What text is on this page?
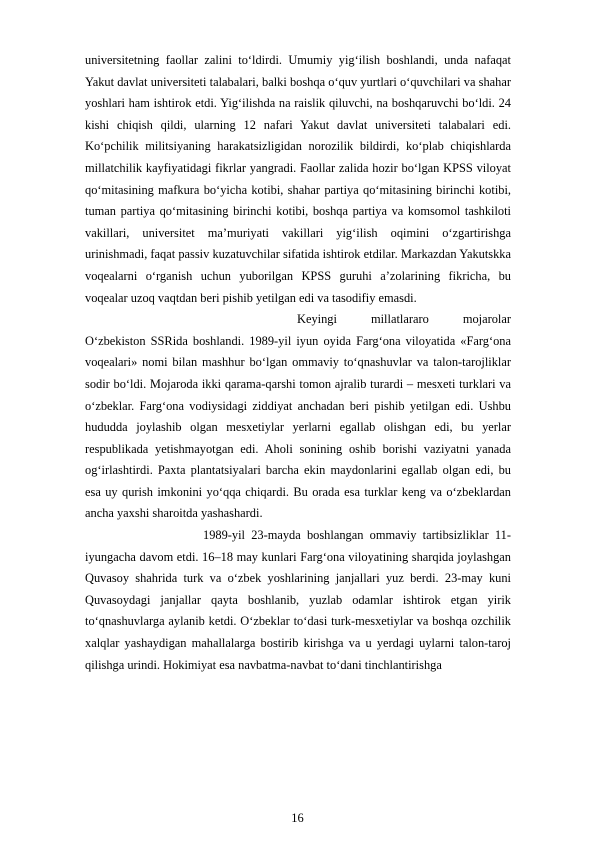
universitetning faollar zalini to‘ldirdi. Umumiy yig‘ilish boshlandi, unda nafaqat Yakut davlat universiteti talabalari, balki boshqa o‘quv yurtlari o‘quvchilari va shahar yoshlari ham ishtirok etdi. Yig‘ilishda na raislik qiluvchi, na boshqaruvchi bo‘ldi. 24 kishi chiqish qildi, ularning 12 nafari Yakut davlat universiteti talabalari edi. Ko‘pchilik militsiyaning harakatsizligidan norozilik bildirdi, ko‘plab chiqishlarda millatchilik kayfiyatidagi fikrlar yangradi. Faollar zalida hozir bo‘lgan KPSS viloyat qo‘mitasining mafkura bo‘yicha kotibi, shahar partiya qo‘mitasining birinchi kotibi, tuman partiya qo‘mitasining birinchi kotibi, boshqa partiya va komsomol tashkiloti vakillari, universitet ma’muriyati vakillari yig‘ilish oqimini o‘zgartirishga urinishmadi, faqat passiv kuzatuvchilar sifatida ishtirok etdilar. Markazdan Yakutskka voqealarni o‘rganish uchun yuborilgan KPSS guruhi a’zolarining fikricha, bu voqealar uzoq vaqtdan beri pishib yetilgan edi va tasodifiy emasdi.

Keyingi millatlararo mojarolar O‘zbekiston SSRida boshlandi. 1989-yil iyun oyida Farg‘ona viloyatida «Farg‘ona voqealari» nomi bilan mashhur bo‘lgan ommaviy to‘qnashuvlar va talon-tarojliklar sodir bo‘ldi. Mojaroda ikki qarama-qarshi tomon ajralib turardi – mesxeti turklari va o‘zbeklar. Farg‘ona vodiysidagi ziddiyat anchadan beri pishib yetilgan edi. Ushbu hududda joylashib olgan mesxetiylar yerlarni egallab olishgan edi, bu yerlar respublikada yetishmayotgan edi. Aholi sonining oshib borishi vaziyatni yanada og‘irlashtirdi. Paxta plantatsiyalari barcha ekin maydonlarini egallab olgan edi, bu esa uy qurish imkonini yo‘qqa chiqardi. Bu orada esa turklar keng va o‘zbeklardan ancha yaxshi sharoitda yashashardi.

1989-yil 23-mayda boshlangan ommaviy tartibsizliklar 11-iyungacha davom etdi. 16–18 may kunlari Farg‘ona viloyatining sharqida joylashgan Quvasoy shahrida turk va o‘zbek yoshlarining janjallari yuz berdi. 23-may kuni Quvasoydagi janjallar qayta boshlanib, yuzlab odamlar ishtirok etgan yirik to‘qnashuvlarga aylanib ketdi. O‘zbeklar to‘dasi turk-mesxetiylar va boshqa ozchilik xalqlar yashaydigan mahallalarga bostirib kirishga va u yerdagi uylarni talon-taroj qilishga urindi. Hokimiyat esa navbatma-navbat to‘dani tinchlantirishga

16
